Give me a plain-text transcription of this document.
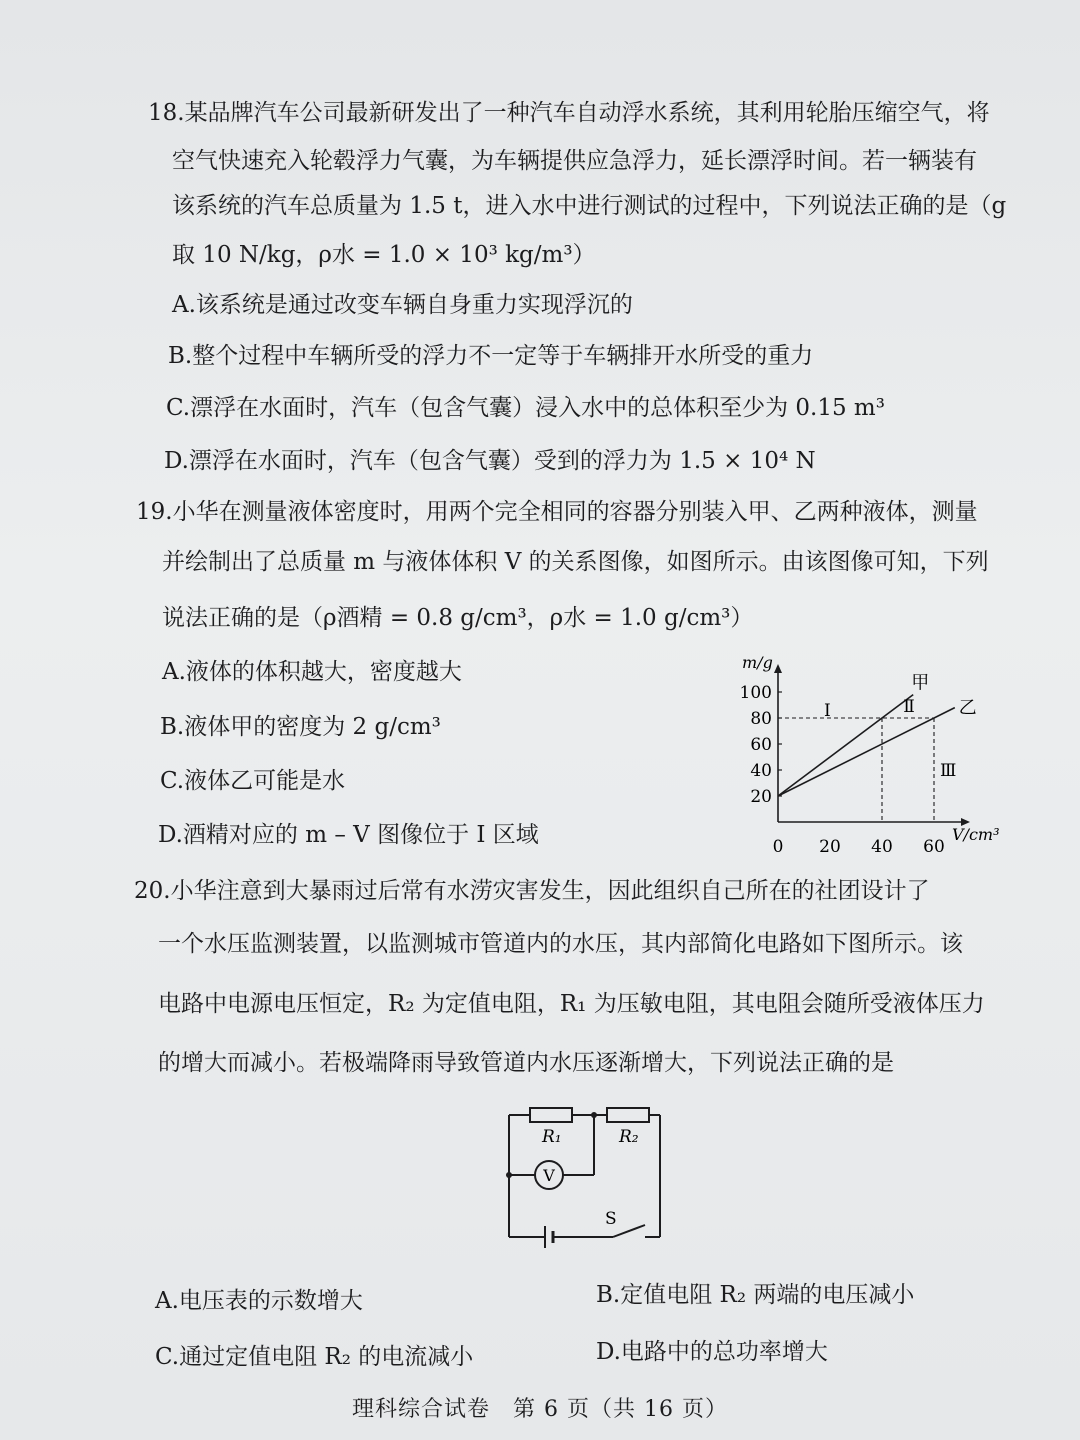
18.某品牌汽车公司最新研发出了一种汽车自动浮水系统，其利用轮胎压缩空气，将
空气快速充入轮毂浮力气囊，为车辆提供应急浮力，延长漂浮时间。若一辆装有
该系统的汽车总质量为 1.5 t，进入水中进行测试的过程中，下列说法正确的是（g
取 10 N/kg，ρ水 = 1.0 × 10³ kg/m³）
A.该系统是通过改变车辆自身重力实现浮沉的
B.整个过程中车辆所受的浮力不一定等于车辆排开水所受的重力
C.漂浮在水面时，汽车（包含气囊）浸入水中的总体积至少为 0.15 m³
D.漂浮在水面时，汽车（包含气囊）受到的浮力为 1.5 × 10⁴ N
19.小华在测量液体密度时，用两个完全相同的容器分别装入甲、乙两种液体，测量
并绘制出了总质量 m 与液体体积 V 的关系图像，如图所示。由该图像可知，下列
说法正确的是（ρ酒精 = 0.8 g/cm³，ρ水 = 1.0 g/cm³）
A.液体的体积越大，密度越大
B.液体甲的密度为 2 g/cm³
C.液体乙可能是水
D.酒精对应的 m – V 图像位于 Ⅰ 区域
m/g
V/cm³
20
40
60
80
100
0 20 40 60
甲
乙
Ⅰ	Ⅱ
Ⅲ
20.小华注意到大暴雨过后常有水涝灾害发生，因此组织自己所在的社团设计了
一个水压监测装置，以监测城市管道内的水压，其内部简化电路如下图所示。该
电路中电源电压恒定，R₂ 为定值电阻，R₁ 为压敏电阻，其电阻会随所受液体压力
的增大而减小。若极端降雨导致管道内水压逐渐增大，下列说法正确的是
R₁	R₂
V
S
A.电压表的示数增大	B.定值电阻 R₂ 两端的电压减小
C.通过定值电阻 R₂ 的电流减小	D.电路中的总功率增大
理科综合试卷　第 6 页（共 16 页）
